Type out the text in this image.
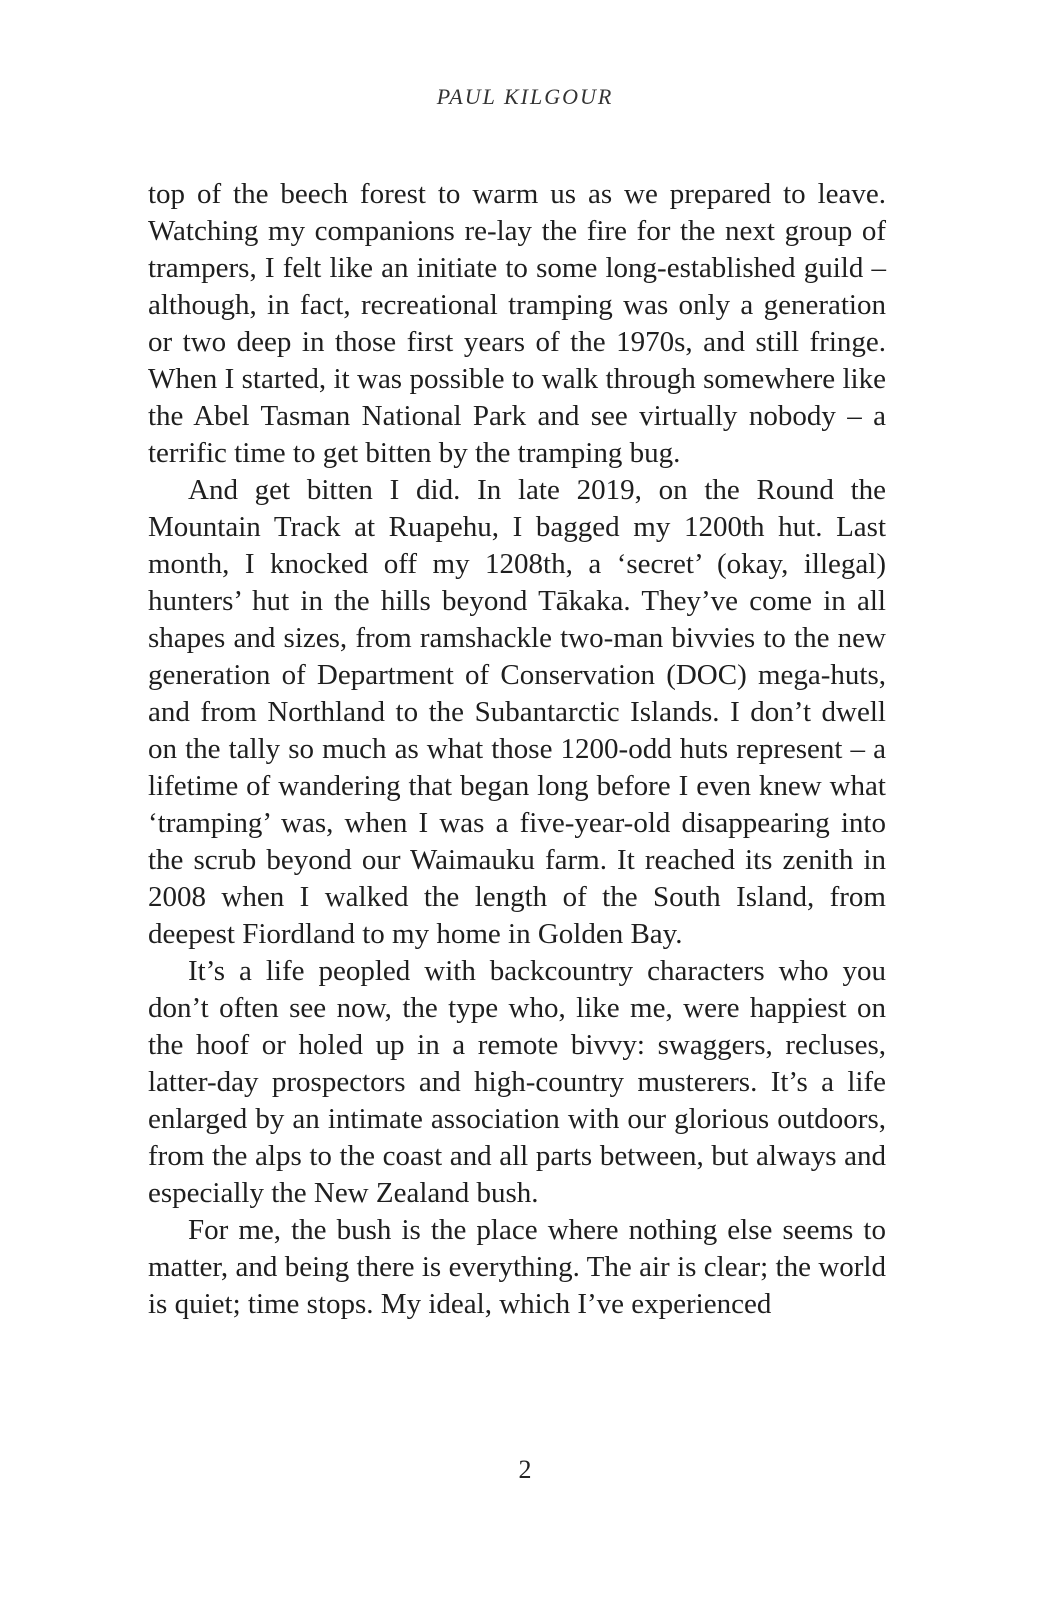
PAUL KILGOUR

top of the beech forest to warm us as we prepared to leave. Watching my companions re-lay the fire for the next group of trampers, I felt like an initiate to some long-established guild – although, in fact, recreational tramping was only a generation or two deep in those first years of the 1970s, and still fringe. When I started, it was possible to walk through somewhere like the Abel Tasman National Park and see virtually nobody – a terrific time to get bitten by the tramping bug.

And get bitten I did. In late 2019, on the Round the Mountain Track at Ruapehu, I bagged my 1200th hut. Last month, I knocked off my 1208th, a ‘secret’ (okay, illegal) hunters’ hut in the hills beyond Tākaka. They’ve come in all shapes and sizes, from ramshackle two-man bivvies to the new generation of Department of Conservation (DOC) mega-huts, and from Northland to the Subantarctic Islands. I don’t dwell on the tally so much as what those 1200-odd huts represent – a lifetime of wandering that began long before I even knew what ‘tramping’ was, when I was a five-year-old disappearing into the scrub beyond our Waimauku farm. It reached its zenith in 2008 when I walked the length of the South Island, from deepest Fiordland to my home in Golden Bay.

It’s a life peopled with backcountry characters who you don’t often see now, the type who, like me, were happiest on the hoof or holed up in a remote bivvy: swaggers, recluses, latter-day prospectors and high-country musterers. It’s a life enlarged by an intimate association with our glorious outdoors, from the alps to the coast and all parts between, but always and especially the New Zealand bush.

For me, the bush is the place where nothing else seems to matter, and being there is everything. The air is clear; the world is quiet; time stops. My ideal, which I’ve experienced

2
